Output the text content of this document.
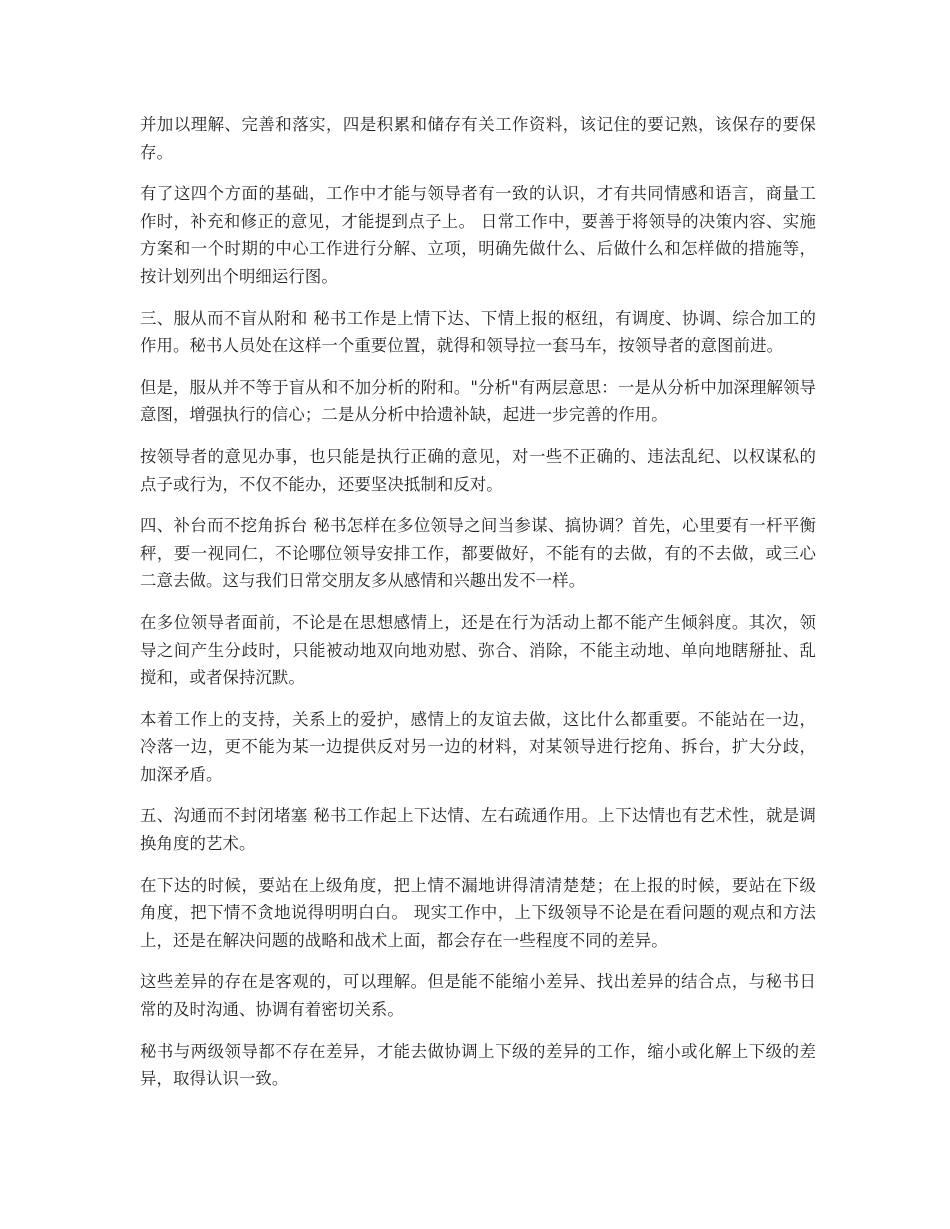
并加以理解、完善和落实，四是积累和储存有关工作资料，该记住的要记熟，该保存的要保存。

有了这四个方面的基础，工作中才能与领导者有一致的认识，才有共同情感和语言，商量工作时，补充和修正的意见，才能提到点子上。 日常工作中，要善于将领导的决策内容、实施方案和一个时期的中心工作进行分解、立项，明确先做什么、后做什么和怎样做的措施等，按计划列出个明细运行图。

三、服从而不盲从附和 秘书工作是上情下达、下情上报的枢纽，有调度、协调、综合加工的作用。秘书人员处在这样一个重要位置，就得和领导拉一套马车，按领导者的意图前进。

但是，服从并不等于盲从和不加分析的附和。"分析"有两层意思：一是从分析中加深理解领导意图，增强执行的信心；二是从分析中拾遗补缺，起进一步完善的作用。

按领导者的意见办事，也只能是执行正确的意见，对一些不正确的、违法乱纪、以权谋私的点子或行为，不仅不能办，还要坚决抵制和反对。

四、补台而不挖角拆台 秘书怎样在多位领导之间当参谋、搞协调？首先，心里要有一杆平衡秤，要一视同仁，不论哪位领导安排工作，都要做好，不能有的去做，有的不去做，或三心二意去做。这与我们日常交朋友多从感情和兴趣出发不一样。

在多位领导者面前，不论是在思想感情上，还是在行为活动上都不能产生倾斜度。其次，领导之间产生分歧时，只能被动地双向地劝慰、弥合、消除，不能主动地、单向地瞎掰扯、乱搅和，或者保持沉默。

本着工作上的支持，关系上的爱护，感情上的友谊去做，这比什么都重要。不能站在一边，冷落一边，更不能为某一边提供反对另一边的材料，对某领导进行挖角、拆台，扩大分歧，加深矛盾。

五、沟通而不封闭堵塞 秘书工作起上下达情、左右疏通作用。上下达情也有艺术性，就是调换角度的艺术。

在下达的时候，要站在上级角度，把上情不漏地讲得清清楚楚；在上报的时候，要站在下级角度，把下情不贪地说得明明白白。 现实工作中，上下级领导不论是在看问题的观点和方法上，还是在解决问题的战略和战术上面，都会存在一些程度不同的差异。

这些差异的存在是客观的，可以理解。但是能不能缩小差异、找出差异的结合点，与秘书日常的及时沟通、协调有着密切关系。

秘书与两级领导都不存在差异，才能去做协调上下级的差异的工作，缩小或化解上下级的差异，取得认识一致。
